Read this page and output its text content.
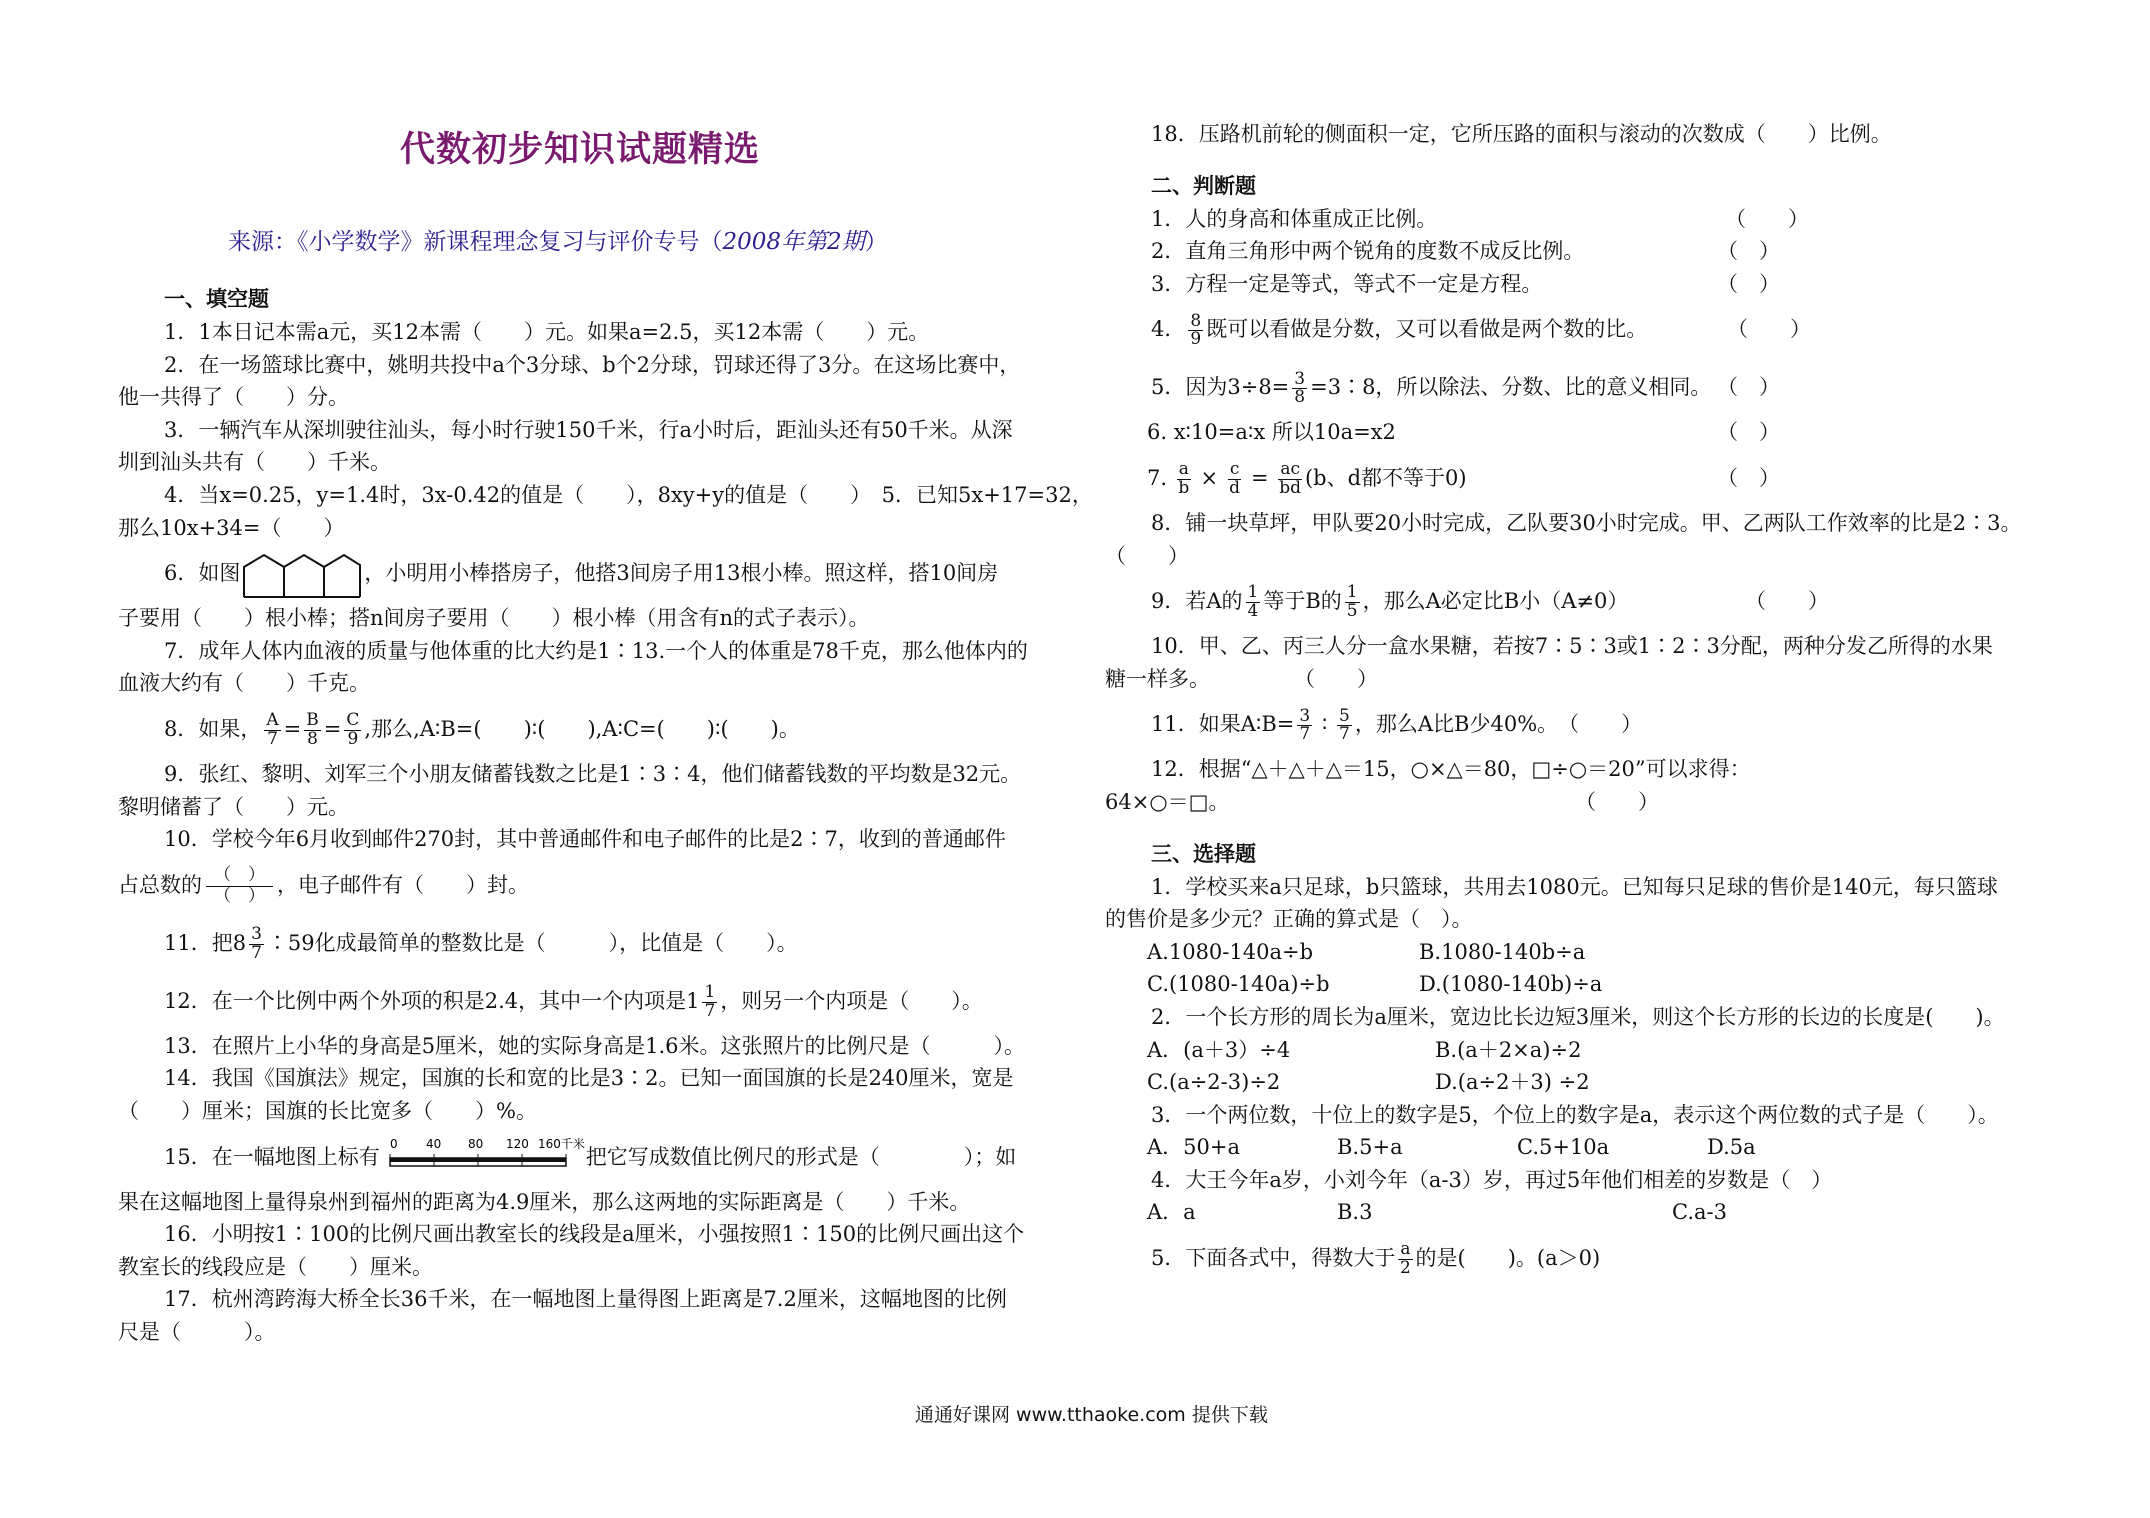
代数初步知识试题精选
来源：《小学数学》新课程理念复习与评价专号（2008年第2期）
一、填空题
1．1本日记本需a元，买12本需（　　）元。如果a=2.5，买12本需（　　）元。
2．在一场篮球比赛中，姚明共投中a个3分球、b个2分球，罚球还得了3分。在这场比赛中，
他一共得了（　　）分。
3．一辆汽车从深圳驶往汕头，每小时行驶150千米，行a小时后，距汕头还有50千米。从深
圳到汕头共有（　　）千米。
4．当x=0.25，y=1.4时，3x-0.42的值是（　　），8xy+y的值是（　　）　5．已知5x+17=32，
那么10x+34=（　　）
6．如图	，小明用小棒搭房子，他搭3间房子用13根小棒。照这样，搭10间房
子要用（　　）根小棒；搭n间房子要用（　　）根小棒（用含有n的式子表示）。
7．成年人体内血液的质量与他体重的比大约是1∶13.一个人的体重是78千克，那么他体内的
血液大约有（　　）千克。
8．如果， $\frac{A}{7} = \frac{B}{8} = \frac{C}{9}$ ,那么,A∶B=(　　)∶(　　),A∶C=(　　)∶(　　)。
9．张红、黎明、刘军三个小朋友储蓄钱数之比是1∶3∶4，他们储蓄钱数的平均数是32元。
黎明储蓄了（　　）元。
10．学校今年6月收到邮件270封，其中普通邮件和电子邮件的比是2∶7，收到的普通邮件
占总数的 $\frac{( )}{( )}$ ，电子邮件有（　　）封。
11．把$8 \frac{3}{7}$ ∶59化成最简单的整数比是（　　　），比值是（　　）。
12．在一个比例中两个外项的积是2.4，其中一个内项是$1 \frac{1}{7}$ ，则另一个内项是（　　）。
13．在照片上小华的身高是5厘米，她的实际身高是1.6米。这张照片的比例尺是（　　　）。
14．我国《国旗法》规定，国旗的长和宽的比是3∶2。已知一面国旗的长是240厘米，宽是
（　　）厘米；国旗的长比宽多（　　）%。
15．在一幅地图上标有
0 40 80 120 160千米
把它写成数值比例尺的形式是（　　　　）；如
果在这幅地图上量得泉州到福州的距离为4.9厘米，那么这两地的实际距离是（　　）千米。
16．小明按1∶100的比例尺画出教室长的线段是a厘米，小强按照1∶150的比例尺画出这个
教室长的线段应是（　　）厘米。
17．杭州湾跨海大桥全长36千米，在一幅地图上量得图上距离是7.2厘米，这幅地图的比例
尺是（　　　）。
18．压路机前轮的侧面积一定，它所压路的面积与滚动的次数成（　　）比例。
二、判断题
1．人的身高和体重成正比例。	（　　）
2．直角三角形中两个锐角的度数不成反比例。	（　）
3．方程一定是等式，等式不一定是方程。	（　）
4． $\frac{8}{9}$ 既可以看做是分数，又可以看做是两个数的比。	（　　）
5．因为$3\div 8= \frac{3}{8}$ =3∶8，所以除法、分数、比的意义相同。 （　）
6. x∶10=a∶x 所以10a=x2	（　）
7. $\frac{a}{b} \times \frac{c}{d} = \frac{ac}{bd} (b$、d都不等于0)	（　）
8．铺一块草坪，甲队要20小时完成，乙队要30小时完成。甲、乙两队工作效率的比是2∶3。
（　　）
9．若A的 $\frac{1}{4}$ 等于B的 $\frac{1}{5}$ ，那么A必定比B小（A≠0）	（　　）
10．甲、乙、丙三人分一盒水果糖，若按7∶5∶3或1∶2∶3分配，两种分发乙所得的水果
糖一样多。　　　　　（　　）
11．如果A∶B= $\frac{3}{7}$ ∶ $\frac{5}{7}$ ，那么A比B少40%。　（　　）
12．根据“△＋△＋△＝15，○×△＝80，□÷○＝20”可以求得：
64×○＝□。	（　　）
三、选择题
1．学校买来a只足球，b只篮球，共用去1080元。已知每只足球的售价是140元，每只篮球
的售价是多少元？正确的算式是（　）。
A.1080-140a÷b	B.1080-140b÷a
C.(1080-140a)÷b	D.(1080-140b)÷a
2．一个长方形的周长为a厘米，宽边比长边短3厘米，则这个长方形的长边的长度是(　　)。
A．(a＋3）÷4	B.(a＋2×a)÷2
C.(a÷2-3)÷2	D.(a÷2＋3) ÷2
3．一个两位数，十位上的数字是5，个位上的数字是a，表示这个两位数的式子是（　　）。
A．50+a	B.5+a	C.5+10a	D.5a
4．大王今年a岁，小刘今年（a-3）岁，再过5年他们相差的岁数是（　）
A．a	B.3	C.a-3
5．下面各式中，得数大于 $\frac{a}{2}$ 的是(　　)。(a＞0)
通通好课网 www.tthaoke.com 提供下载
